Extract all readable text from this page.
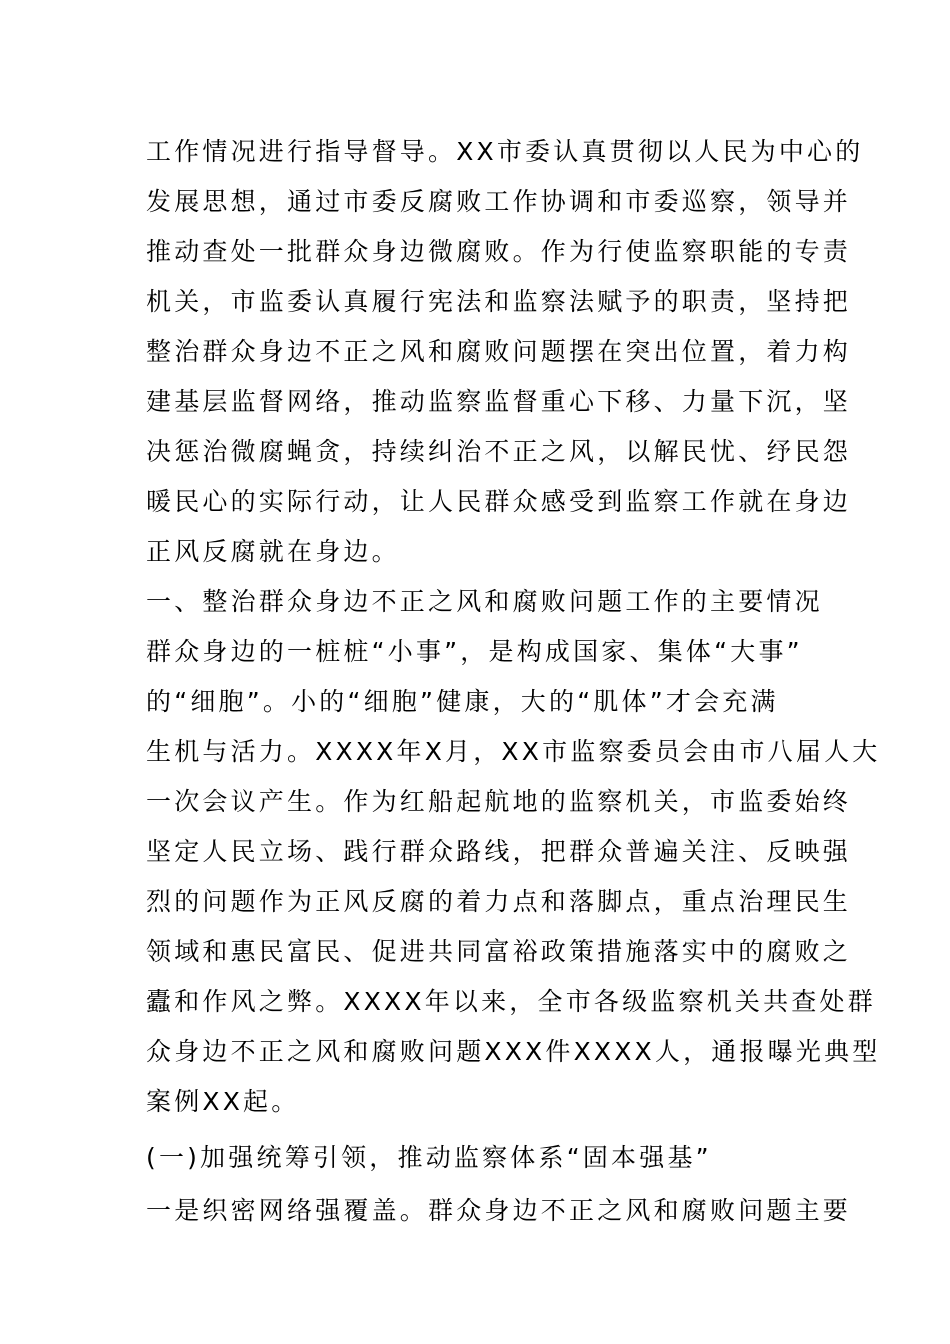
工作情况进行指导督导。XX市委认真贯彻以人民为中心的
发展思想，通过市委反腐败工作协调和市委巡察，领导并
推动查处一批群众身边微腐败。作为行使监察职能的专责
机关，市监委认真履行宪法和监察法赋予的职责，坚持把
整治群众身边不正之风和腐败问题摆在突出位置，着力构
建基层监督网络，推动监察监督重心下移、力量下沉，坚
决惩治微腐蝇贪，持续纠治不正之风，以解民忧、纾民怨
暖民心的实际行动，让人民群众感受到监察工作就在身边
正风反腐就在身边。
一、整治群众身边不正之风和腐败问题工作的主要情况
群众身边的一桩桩“小事”，是构成国家、集体“大事”
的“细胞”。小的“细胞”健康，大的“肌体”才会充满
生机与活力。XXXX年X月，XX市监察委员会由市八届人大
一次会议产生。作为红船起航地的监察机关，市监委始终
坚定人民立场、践行群众路线，把群众普遍关注、反映强
烈的问题作为正风反腐的着力点和落脚点，重点治理民生
领域和惠民富民、促进共同富裕政策措施落实中的腐败之
蠹和作风之弊。XXXX年以来，全市各级监察机关共查处群
众身边不正之风和腐败问题XXX件XXXX人，通报曝光典型
案例XX起。
(一)加强统筹引领，推动监察体系“固本强基”
一是织密网络强覆盖。群众身边不正之风和腐败问题主要
